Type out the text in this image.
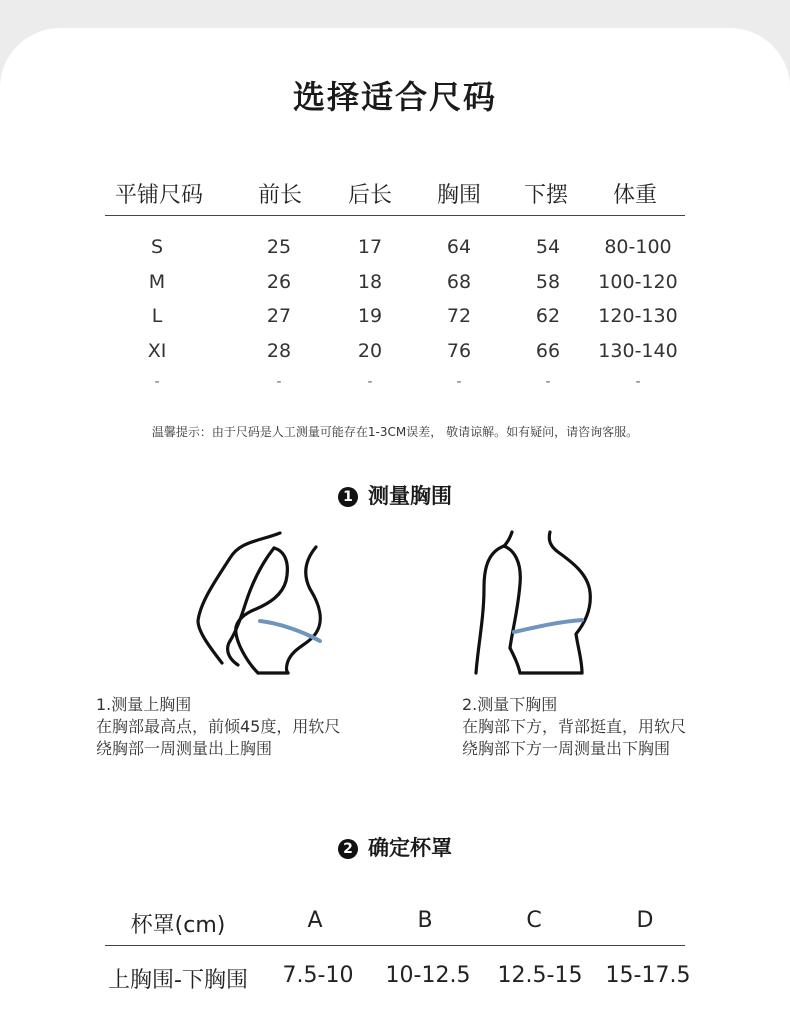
选择适合尺码
平铺尺码 前长 后长 胸围 下摆 体重
S	25	17	64	54 80-100
M	26	18	68	58 100-120
L	27	19	72	62 120-130
XI	28	20	76	66 130-140
-	-	-	-	-	-
温馨提示：由于尺码是人工测量可能存在1-3CM误差， 敬请谅解。如有疑问，请咨询客服。
1 测量胸围
1.测量上胸围
在胸部最高点，前倾45度，用软尺
绕胸部一周测量出上胸围
2.测量下胸围
在胸部下方，背部挺直，用软尺
绕胸部下方一周测量出下胸围
2 确定杯罩
杯罩(cm)	A	B	C	D
上胸围-下胸围 7.5-10 10-12.5 12.5-15 15-17.5
